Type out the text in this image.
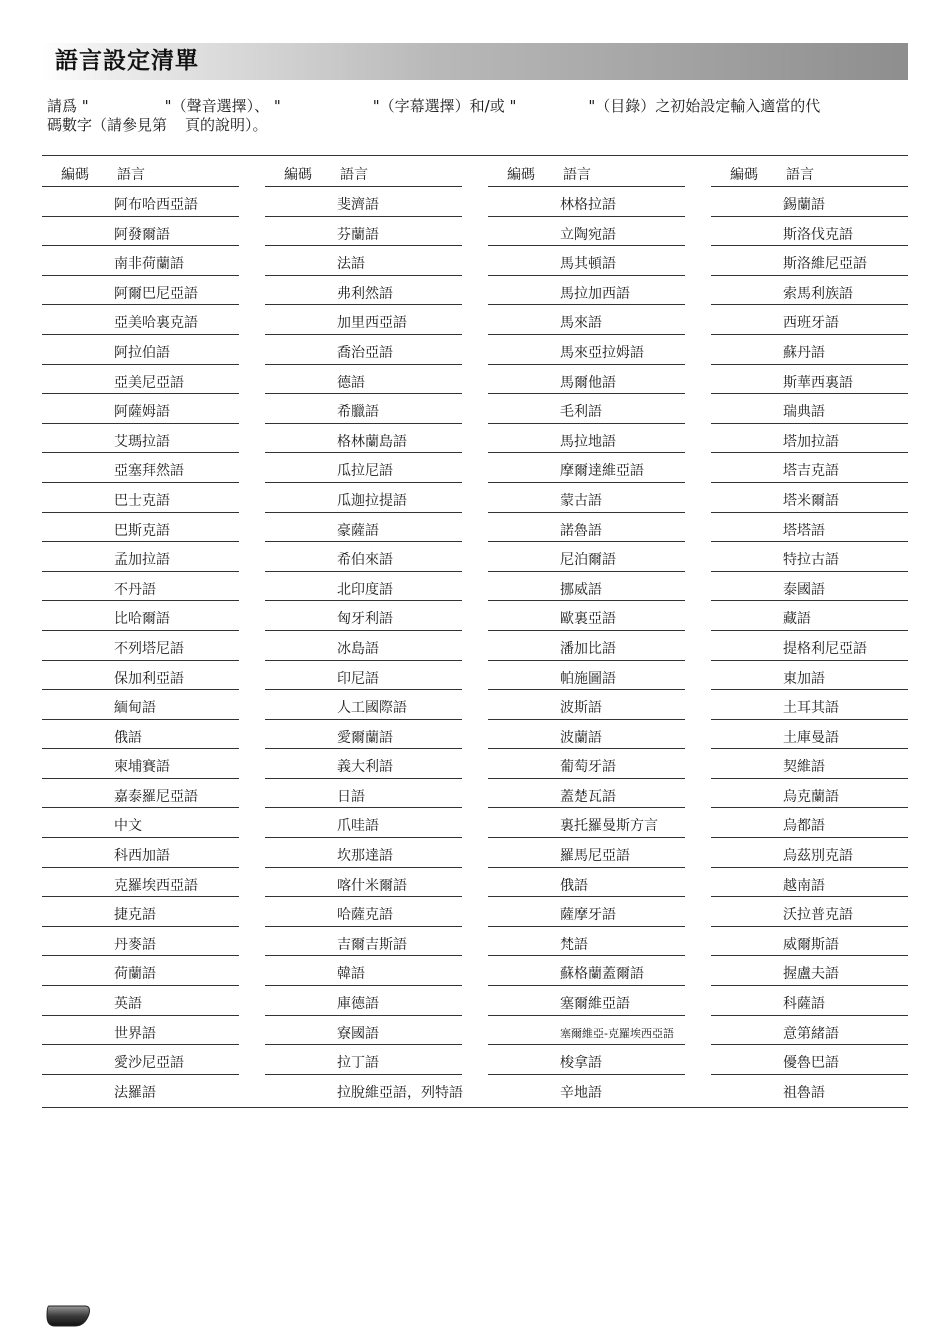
語言設定清單
請爲 "	"（聲音選擇）、 "	"（字幕選擇）和/或 "	"（目錄）之初始設定輸入適當的代
碼數字（請參見第 頁的說明）。
編碼 語言
阿布哈西亞語
阿發爾語
南非荷蘭語
阿爾巴尼亞語
亞美哈裏克語
阿拉伯語
亞美尼亞語
阿薩姆語
艾瑪拉語
亞塞拜然語
巴士克語
巴斯克語
孟加拉語
不丹語
比哈爾語
不列塔尼語
保加利亞語
緬甸語
俄語
柬埔賽語
嘉泰羅尼亞語
中文
科西加語
克羅埃西亞語
捷克語
丹麥語
荷蘭語
英語
世界語
愛沙尼亞語
法羅語
編碼 語言
斐濟語
芬蘭語
法語
弗利然語
加里西亞語
喬治亞語
德語
希臘語
格林蘭島語
瓜拉尼語
瓜迦拉提語
豪薩語
希伯來語
北印度語
匈牙利語
冰島語
印尼語
人工國際語
愛爾蘭語
義大利語
日語
爪哇語
坎那達語
喀什米爾語
哈薩克語
吉爾吉斯語
韓語
庫德語
寮國語
拉丁語
拉脫維亞語，列特語
編碼 語言
林格拉語
立陶宛語
馬其頓語
馬拉加西語
馬來語
馬來亞拉姆語
馬爾他語
毛利語
馬拉地語
摩爾達維亞語
蒙古語
諾魯語
尼泊爾語
挪威語
歐裏亞語
潘加比語
帕施圖語
波斯語
波蘭語
葡萄牙語
蓋楚瓦語
裏托羅曼斯方言
羅馬尼亞語
俄語
薩摩牙語
梵語
蘇格蘭蓋爾語
塞爾維亞語
塞爾維亞-克羅埃西亞語
梭拿語
辛地語
編碼 語言
錫蘭語
斯洛伐克語
斯洛維尼亞語
索馬利族語
西班牙語
蘇丹語
斯華西裏語
瑞典語
塔加拉語
塔吉克語
塔米爾語
塔塔語
特拉古語
泰國語
藏語
提格利尼亞語
東加語
土耳其語
土庫曼語
契維語
烏克蘭語
烏都語
烏茲別克語
越南語
沃拉普克語
威爾斯語
握盧夫語
科薩語
意第緒語
優魯巴語
祖魯語
